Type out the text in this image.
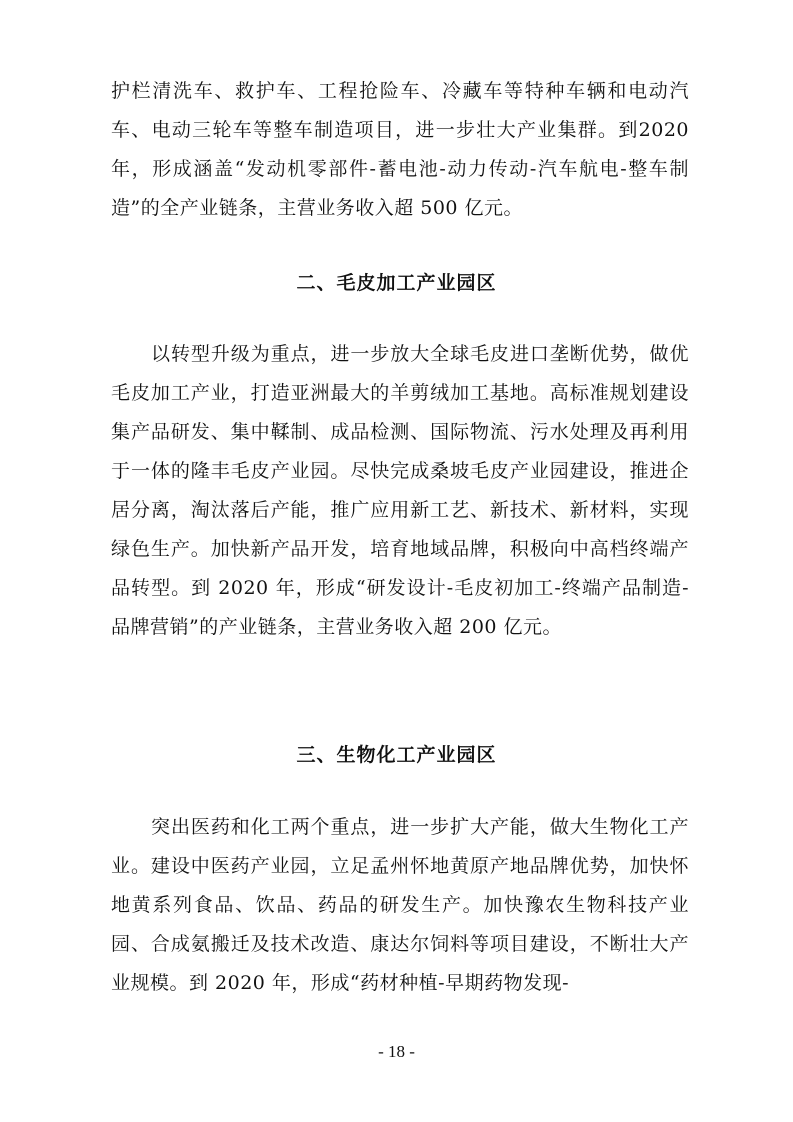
护栏清洗车、救护车、工程抢险车、冷藏车等特种车辆和电动汽车、电动三轮车等整车制造项目，进一步壮大产业集群。到2020 年，形成涵盖“发动机零部件-蓄电池-动力传动-汽车航电-整车制造”的全产业链条，主营业务收入超 500 亿元。

二、毛皮加工产业园区

以转型升级为重点，进一步放大全球毛皮进口垄断优势，做优毛皮加工产业，打造亚洲最大的羊剪绒加工基地。高标准规划建设集产品研发、集中鞣制、成品检测、国际物流、污水处理及再利用于一体的隆丰毛皮产业园。尽快完成桑坡毛皮产业园建设，推进企居分离，淘汰落后产能，推广应用新工艺、新技术、新材料，实现绿色生产。加快新产品开发，培育地域品牌，积极向中高档终端产品转型。到 2020 年，形成“研发设计-毛皮初加工-终端产品制造-品牌营销”的产业链条，主营业务收入超 200 亿元。

三、生物化工产业园区

突出医药和化工两个重点，进一步扩大产能，做大生物化工产业。建设中医药产业园，立足孟州怀地黄原产地品牌优势，加快怀地黄系列食品、饮品、药品的研发生产。加快豫农生物科技产业园、合成氨搬迁及技术改造、康达尔饲料等项目建设，不断壮大产业规模。到 2020 年，形成“药材种植-早期药物发现-

- 18 -
